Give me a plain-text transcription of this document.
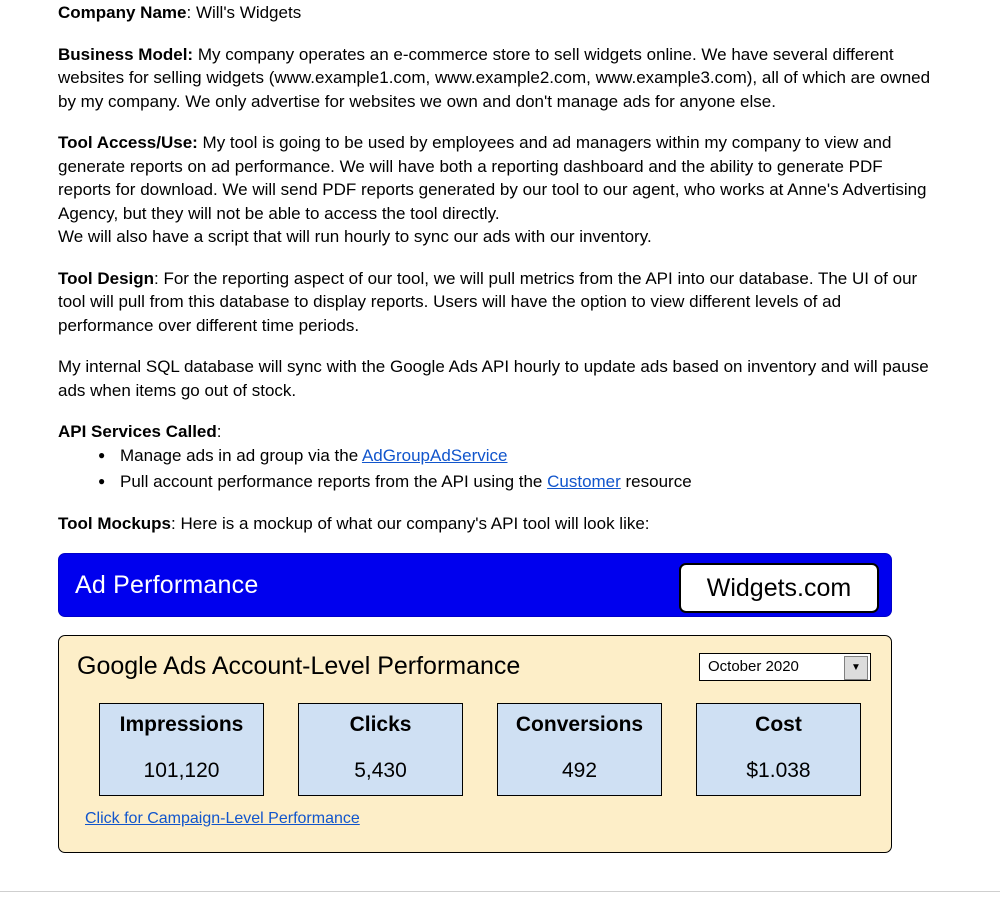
Company Name: Will's Widgets

Business Model: My company operates an e-commerce store to sell widgets online. We have several different websites for selling widgets (www.example1.com, www.example2.com, www.example3.com), all of which are owned by my company. We only advertise for websites we own and don't manage ads for anyone else.

Tool Access/Use: My tool is going to be used by employees and ad managers within my company to view and generate reports on ad performance. We will have both a reporting dashboard and the ability to generate PDF reports for download. We will send PDF reports generated by our tool to our agent, who works at Anne's Advertising Agency, but they will not be able to access the tool directly.

We will also have a script that will run hourly to sync our ads with our inventory.

Tool Design: For the reporting aspect of our tool, we will pull metrics from the API into our database. The UI of our tool will pull from this database to display reports. Users will have the option to view different levels of ad performance over different time periods.

My internal SQL database will sync with the Google Ads API hourly to update ads based on inventory and will pause ads when items go out of stock.

API Services Called:

● Manage ads in ad group via the AdGroupAdService
● Pull account performance reports from the API using the Customer resource

Tool Mockups: Here is a mockup of what our company's API tool will look like:

Ad Performance	Widgets.com
Google Ads Account-Level Performance	October 2020	▼
Impressions
101,120
Clicks
5,430
Conversions
492
Cost
$1.038
Click for Campaign-Level Performance
